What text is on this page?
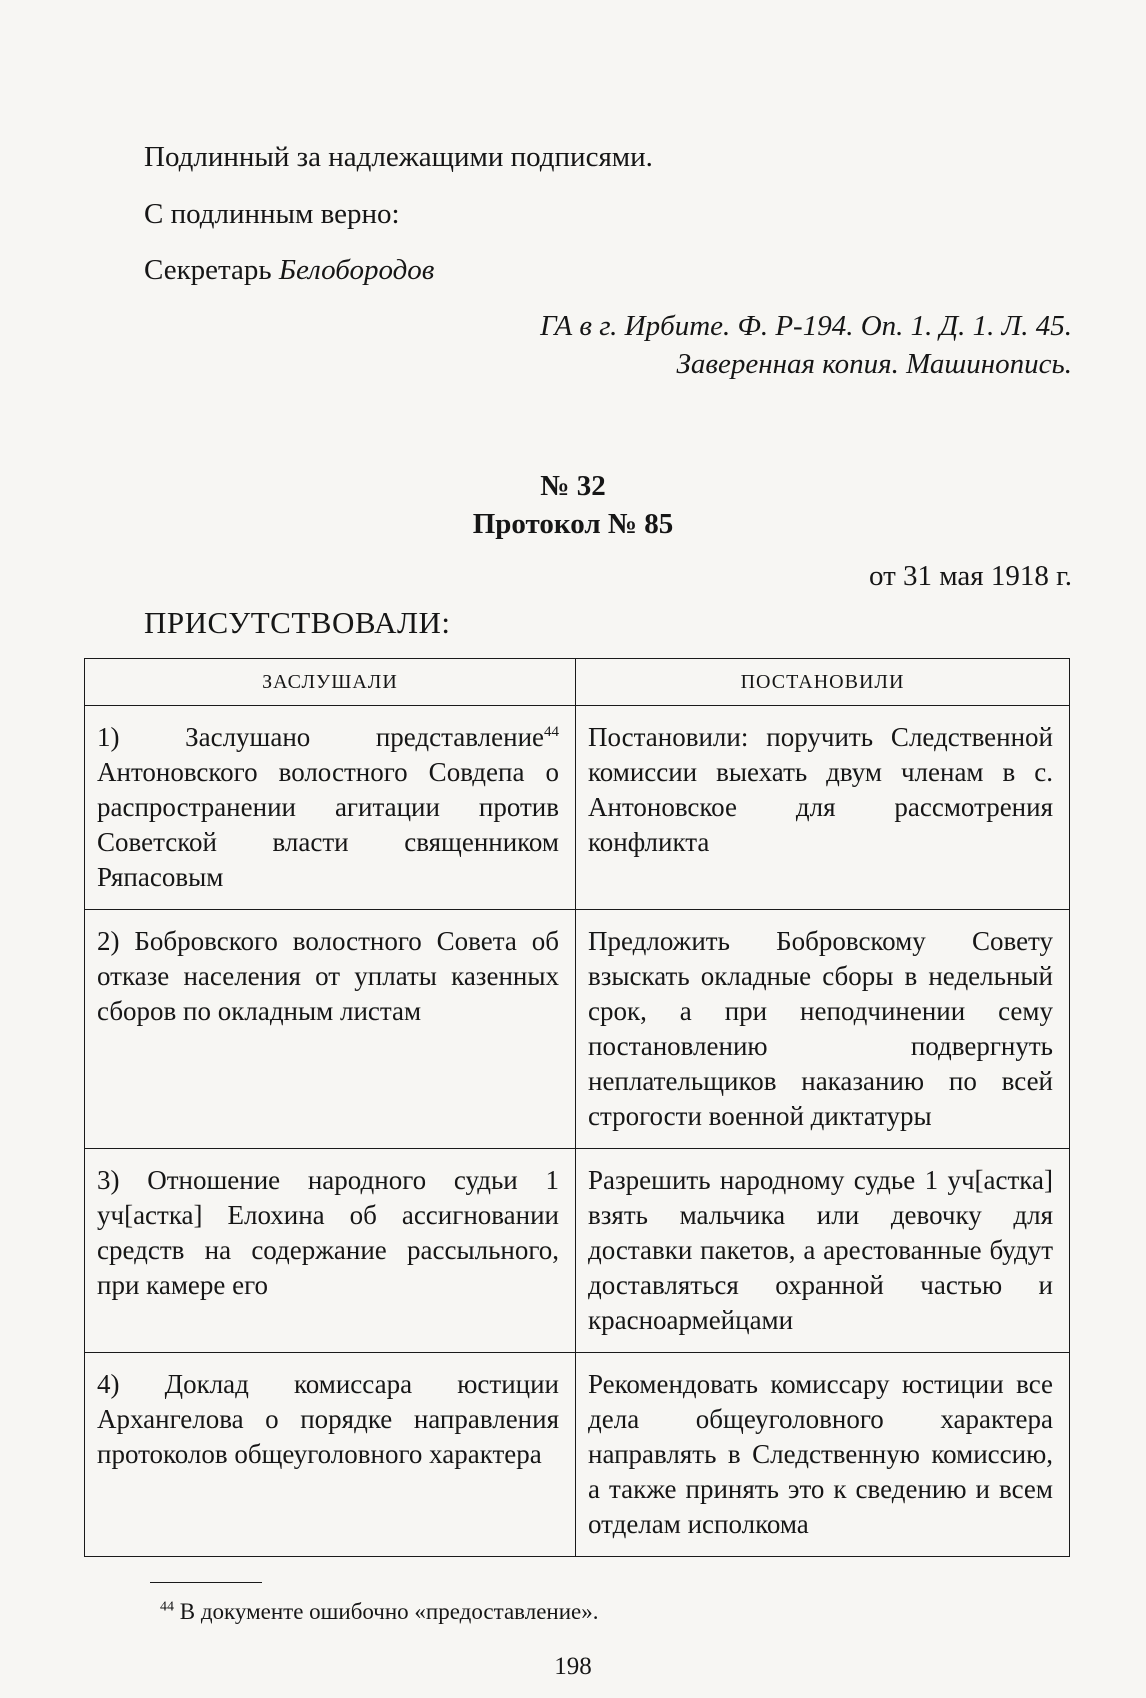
Подлинный за надлежащими подписями.
С подлинным верно:
Секретарь Белобородов
ГА в г. Ирбите. Ф. Р-194. Оп. 1. Д. 1. Л. 45.
Заверенная копия. Машинопись.
№ 32
Протокол № 85
от 31 мая 1918 г.
ПРИСУТСТВОВАЛИ:
ЗАСЛУШАЛИ	ПОСТАНОВИЛИ
1) Заслушано представление$^{44}$ Антоновского волостного Совдепа о распространении агитации против Советской власти священником Ряпасовым	Постановили: поручить Следственной комиссии выехать двум членам в с. Антоновское для рассмотрения конфликта
2) Бобровского волостного Совета об отказе населения от уплаты казенных сборов по окладным листам	Предложить Бобровскому Совету взыскать окладные сборы в недельный срок, а при неподчинении сему постановлению подвергнуть неплательщиков наказанию по всей строгости военной диктатуры
3) Отношение народного судьи 1 уч[астка] Елохина об ассигновании средств на содержание рассыльного, при камере его	Разрешить народному судье 1 уч[астка] взять мальчика или девочку для доставки пакетов, а арестованные будут доставляться охранной частью и красноармейцами
4) Доклад комиссара юстиции Архангелова о порядке направления протоколов общеуголовного характера	Рекомендовать комиссару юстиции все дела общеуголовного характера направлять в Следственную комиссию, а также принять это к сведению и всем отделам исполкома
$^{44}$ В документе ошибочно «предоставление».
198
